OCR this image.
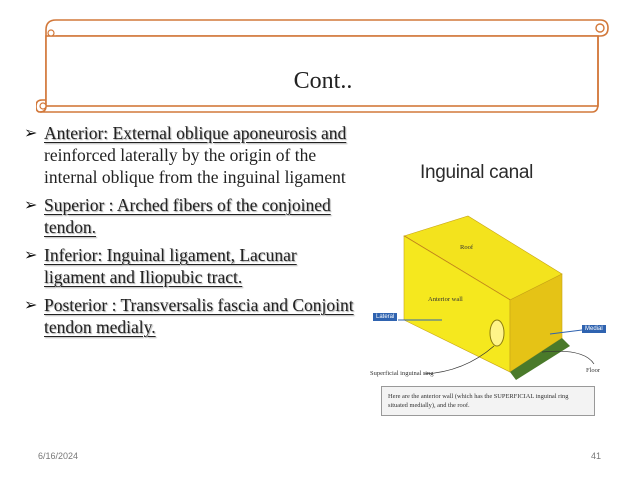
Cont..
➢ Anterior: External oblique aponeurosis and reinforced laterally by the origin of the internal oblique from the inguinal ligament
➢ Superior : Arched fibers of the conjoined tendon.
➢ Inferior: Inguinal ligament, Lacunar ligament and Iliopubic tract.
➢ Posterior : Transversalis fascia and Conjoint tendon medialy.
Inguinal canal
Roof
Anterior wall
Lateral
Medial
Superficial inguinal ring	Floor
Here are the anterior wall (which has the SUPERFICIAL inguinal ring situated medially), and the roof.
6/16/2024	41
